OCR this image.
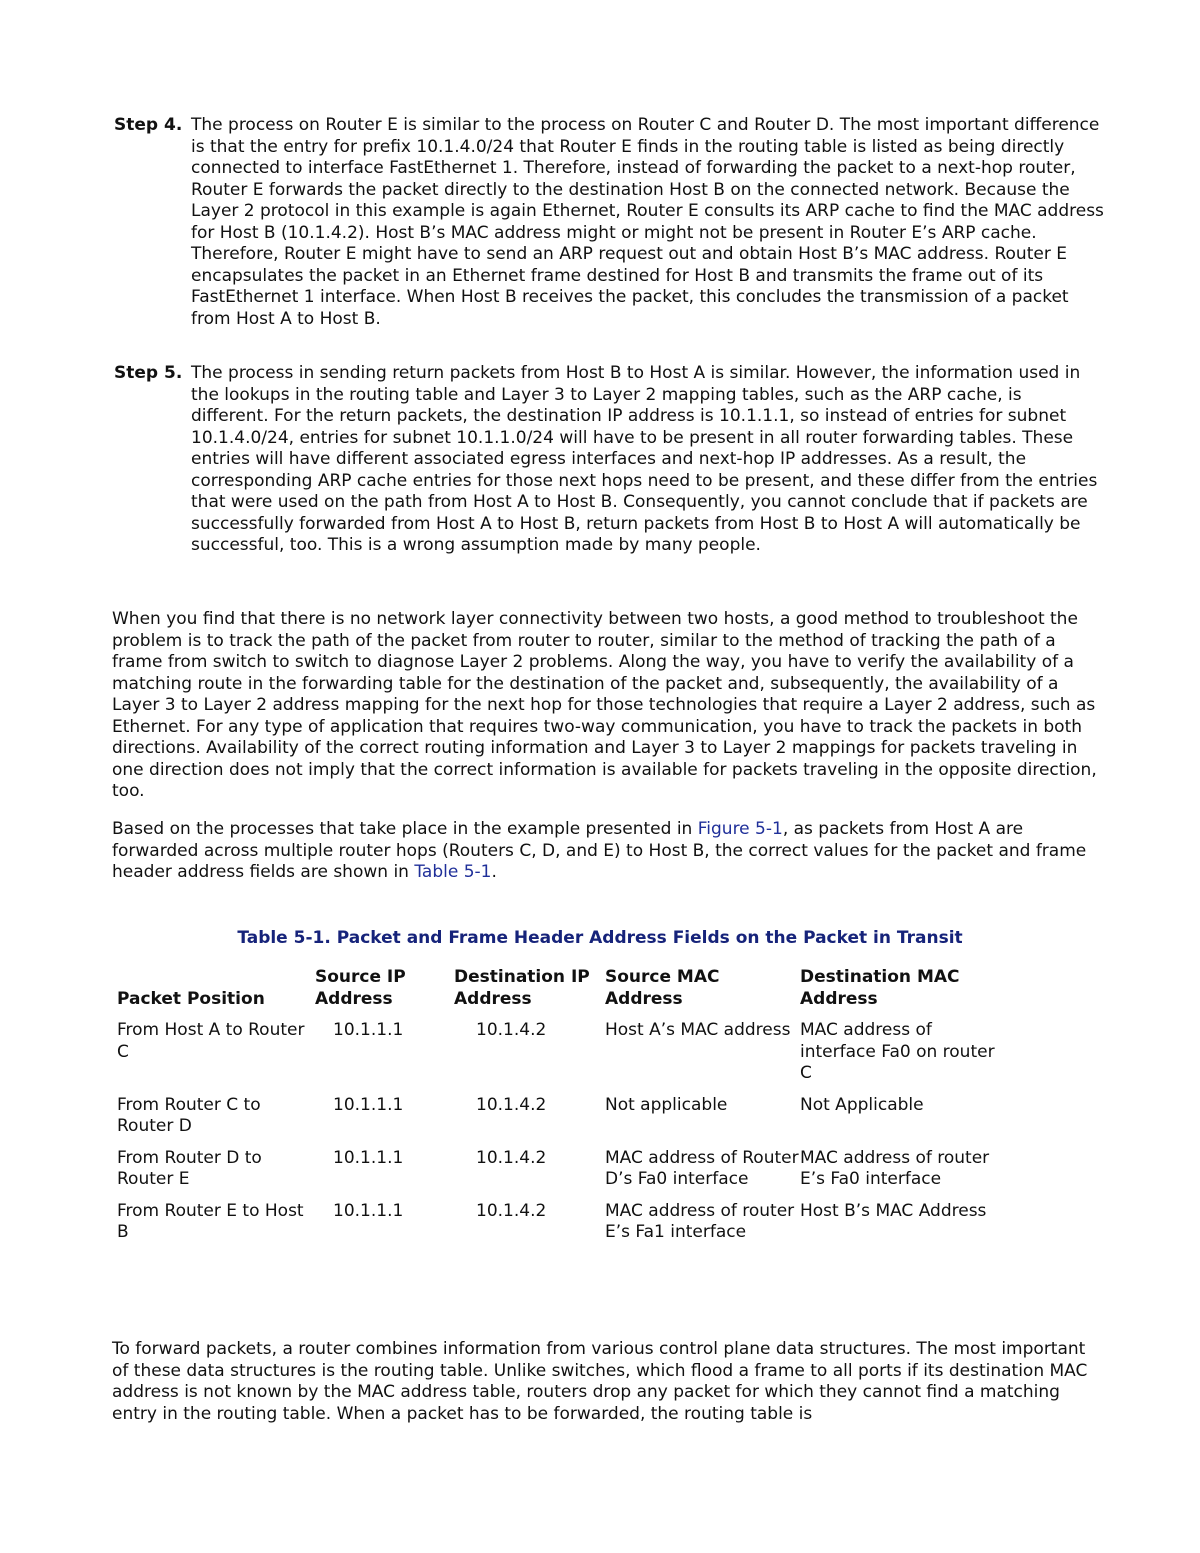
Step 4. The process on Router E is similar to the process on Router C and Router D. The most important difference is that the entry for prefix 10.1.4.0/24 that Router E finds in the routing table is listed as being directly connected to interface FastEthernet 1. Therefore, instead of forwarding the packet to a next-hop router, Router E forwards the packet directly to the destination Host B on the connected network. Because the Layer 2 protocol in this example is again Ethernet, Router E consults its ARP cache to find the MAC address for Host B (10.1.4.2). Host B’s MAC address might or might not be present in Router E’s ARP cache. Therefore, Router E might have to send an ARP request out and obtain Host B’s MAC address. Router E encapsulates the packet in an Ethernet frame destined for Host B and transmits the frame out of its FastEthernet 1 interface. When Host B receives the packet, this concludes the transmission of a packet from Host A to Host B.
Step 5. The process in sending return packets from Host B to Host A is similar. However, the information used in the lookups in the routing table and Layer 3 to Layer 2 mapping tables, such as the ARP cache, is different. For the return packets, the destination IP address is 10.1.1.1, so instead of entries for subnet 10.1.4.0/24, entries for subnet 10.1.1.0/24 will have to be present in all router forwarding tables. These entries will have different associated egress interfaces and next-hop IP addresses. As a result, the corresponding ARP cache entries for those next hops need to be present, and these differ from the entries that were used on the path from Host A to Host B. Consequently, you cannot conclude that if packets are successfully forwarded from Host A to Host B, return packets from Host B to Host A will automatically be successful, too. This is a wrong assumption made by many people.

When you find that there is no network layer connectivity between two hosts, a good method to troubleshoot the problem is to track the path of the packet from router to router, similar to the method of tracking the path of a frame from switch to switch to diagnose Layer 2 problems. Along the way, you have to verify the availability of a matching route in the forwarding table for the destination of the packet and, subsequently, the availability of a Layer 3 to Layer 2 address mapping for the next hop for those technologies that require a Layer 2 address, such as Ethernet. For any type of application that requires two-way communication, you have to track the packets in both directions. Availability of the correct routing information and Layer 3 to Layer 2 mappings for packets traveling in one direction does not imply that the correct information is available for packets traveling in the opposite direction, too.

Based on the processes that take place in the example presented in Figure 5-1, as packets from Host A are forwarded across multiple router hops (Routers C, D, and E) to Host B, the correct values for the packet and frame header address fields are shown in Table 5-1.

Table 5-1. Packet and Frame Header Address Fields on the Packet in Transit

Packet Position	Source IP Address	Destination IP Address	Source MAC Address	Destination MAC Address
From Host A to Router C	10.1.1.1	10.1.4.2	Host A’s MAC address	MAC address of interface Fa0 on router C
From Router C to Router D	10.1.1.1	10.1.4.2	Not applicable	Not Applicable
From Router D to Router E	10.1.1.1	10.1.4.2	MAC address of Router D’s Fa0 interface	MAC address of router E’s Fa0 interface
From Router E to Host B	10.1.1.1	10.1.4.2	MAC address of router E’s Fa1 interface	Host B’s MAC Address

To forward packets, a router combines information from various control plane data structures. The most important of these data structures is the routing table. Unlike switches, which flood a frame to all ports if its destination MAC address is not known by the MAC address table, routers drop any packet for which they cannot find a matching entry in the routing table. When a packet has to be forwarded, the routing table is
